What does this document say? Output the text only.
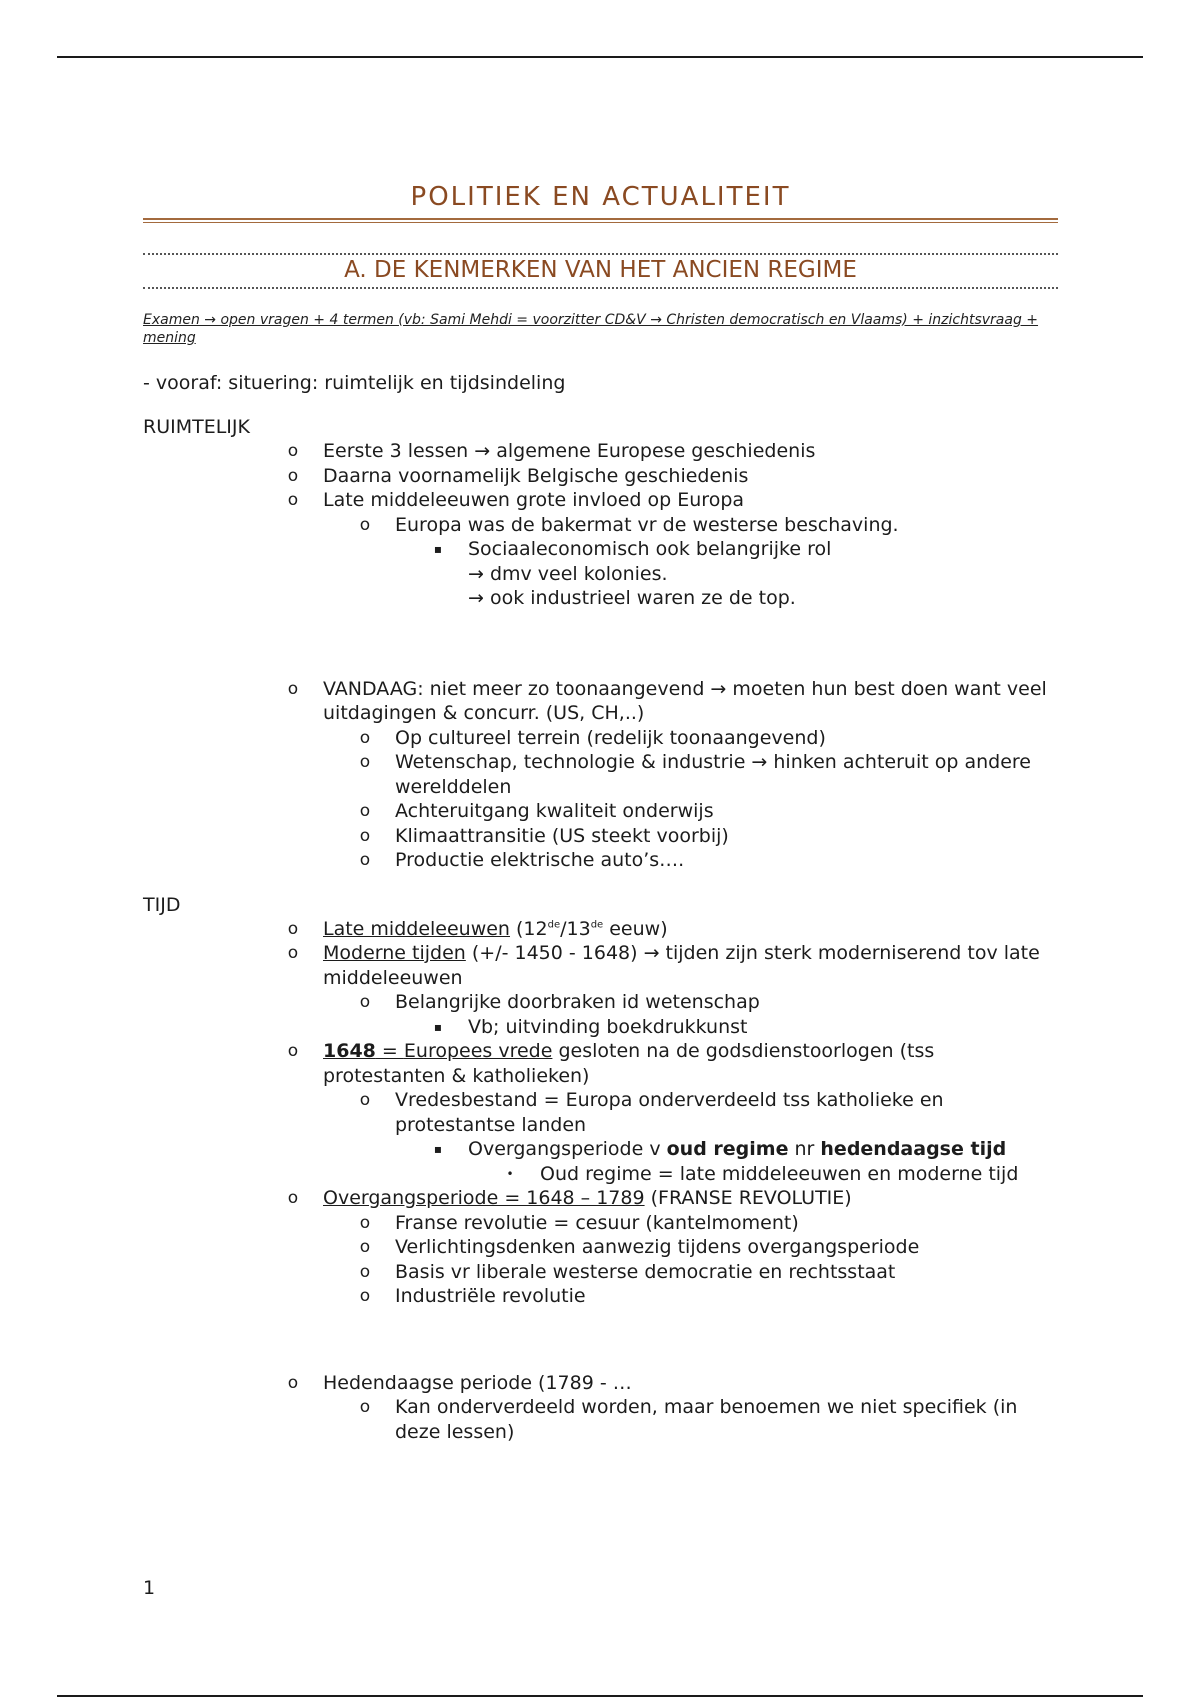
POLITIEK EN ACTUALITEIT
A. DE KENMERKEN VAN HET ANCIEN REGIME
Examen → open vragen + 4 termen (vb: Sami Mehdi = voorzitter CD&V → Christen democratisch en Vlaams) + inzichtsvraag + mening
- vooraf: situering: ruimtelijk en tijdsindeling
RUIMTELIJK
o Eerste 3 lessen → algemene Europese geschiedenis
o Daarna voornamelijk Belgische geschiedenis
o Late middeleeuwen grote invloed op Europa
o Europa was de bakermat vr de westerse beschaving.
▪	Sociaaleconomisch ook belangrijke rol
→ dmv veel kolonies.
→ ook industrieel waren ze de top.
o VANDAAG: niet meer zo toonaangevend → moeten hun best doen want veel uitdagingen & concurr. (US, CH,..)
o Op cultureel terrein (redelijk toonaangevend)
o Wetenschap, technologie & industrie → hinken achteruit op andere werelddelen
o Achteruitgang kwaliteit onderwijs
o Klimaattransitie (US steekt voorbij)
o Productie elektrische auto’s….
TIJD
o Late middeleeuwen (12de/13de eeuw)
o Moderne tijden (+/- 1450 - 1648) → tijden zijn sterk moderniserend tov late middeleeuwen
o Belangrijke doorbraken id wetenschap
▪	Vb; uitvinding boekdrukkunst
o 1648 = Europees vrede gesloten na de godsdienstoorlogen (tss protestanten & katholieken)
o Vredesbestand = Europa onderverdeeld tss katholieke en protestantse landen
▪	Overgangsperiode v oud regime nr hedendaagse tijd
•	Oud regime = late middeleeuwen en moderne tijd
o Overgangsperiode = 1648 – 1789 (FRANSE REVOLUTIE)
o Franse revolutie = cesuur (kantelmoment)
o Verlichtingsdenken aanwezig tijdens overgangsperiode
o Basis vr liberale westerse democratie en rechtsstaat
o Industriële revolutie
o Hedendaagse periode (1789 - …
o Kan onderverdeeld worden, maar benoemen we niet specifiek (in deze lessen)
1
